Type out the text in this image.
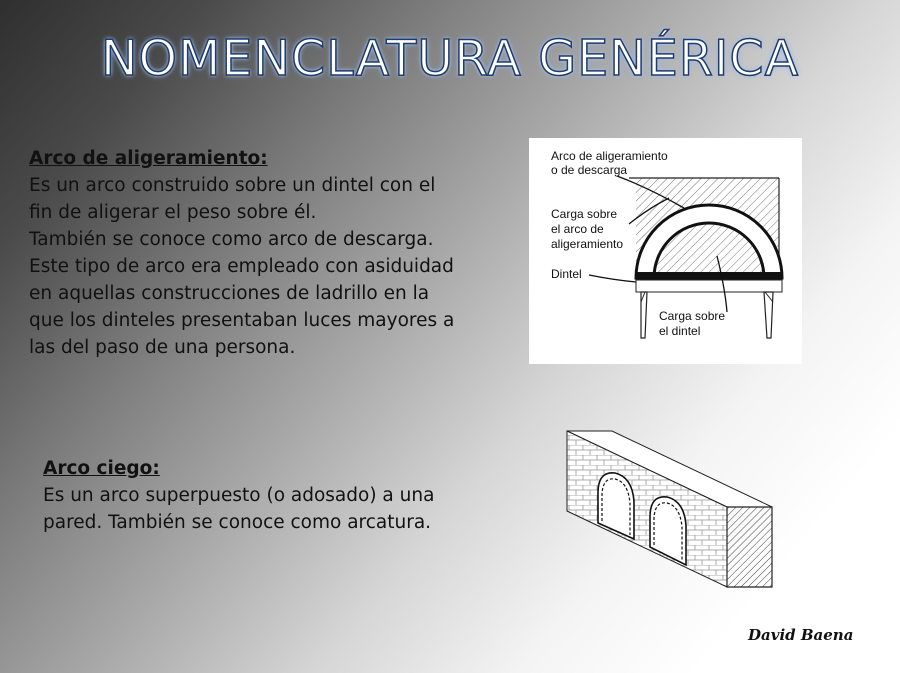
NOMENCLATURA GENÉRICA
Arco de aligeramiento:
Es un arco construido sobre un dintel con el
fin de aligerar el peso sobre él.
También se conoce como arco de descarga.
Este tipo de arco era empleado con asiduidad
en aquellas construcciones de ladrillo en la
que los dinteles presentaban luces mayores a
las del paso de una persona.
Arco de aligeramiento
o de descarga
Carga sobre
el arco de
aligeramiento
Dintel
Carga sobre
el dintel
Arco ciego:
Es un arco superpuesto (o adosado) a una
pared. También se conoce como arcatura.
David Baena
